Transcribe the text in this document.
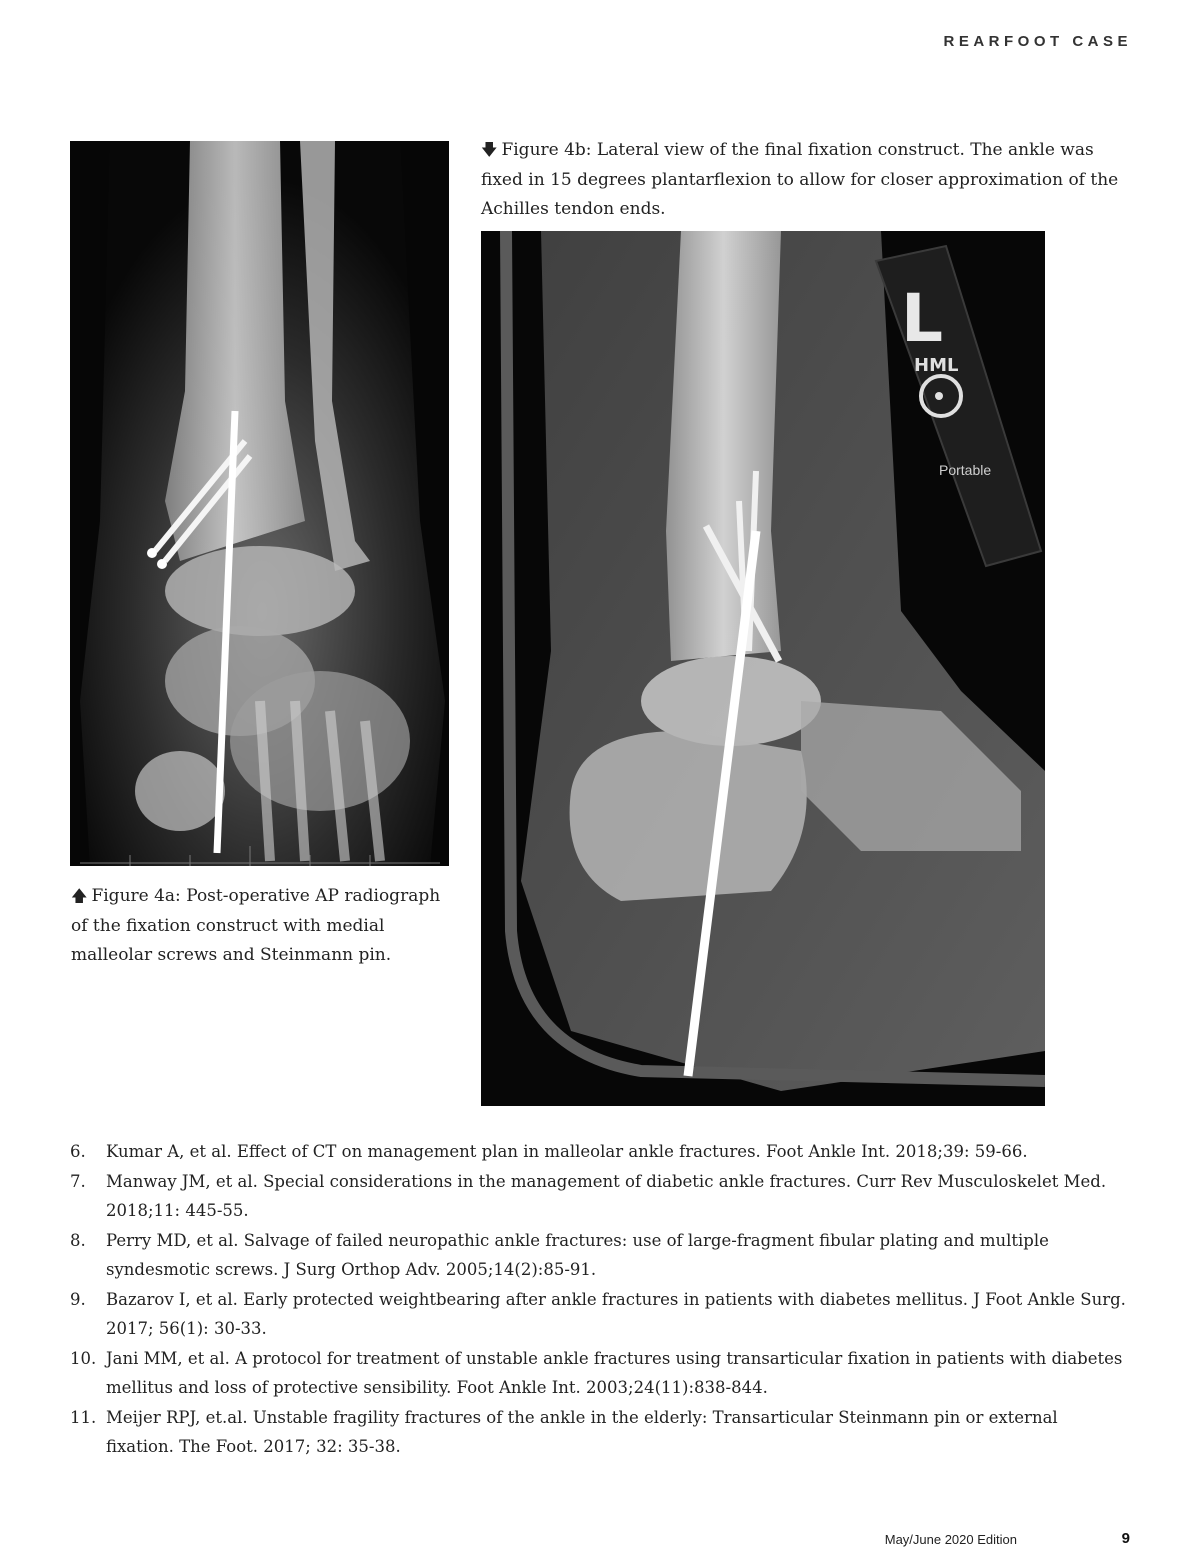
REARFOOT CASE
🡅 Figure 4a: Post-operative AP radiograph of the fixation construct with medial malleolar screws and Steinmann pin.
🡇 Figure 4b: Lateral view of the final fixation construct. The ankle was fixed in 15 degrees plantarflexion to allow for closer approximation of the Achilles tendon ends.
L
HML
Portable
6. Kumar A, et al. Effect of CT on management plan in malleolar ankle fractures. Foot Ankle Int. 2018;39: 59-66.
7. Manway JM, et al. Special considerations in the management of diabetic ankle fractures. Curr Rev Musculoskelet Med. 2018;11: 445-55.
8. Perry MD, et al. Salvage of failed neuropathic ankle fractures: use of large-fragment fibular plating and multiple syndesmotic screws. J Surg Orthop Adv. 2005;14(2):85-91.
9. Bazarov I, et al. Early protected weightbearing after ankle fractures in patients with diabetes mellitus. J Foot Ankle Surg. 2017; 56(1): 30-33.
10. Jani MM, et al. A protocol for treatment of unstable ankle fractures using transarticular fixation in patients with diabetes mellitus and loss of protective sensibility. Foot Ankle Int. 2003;24(11):838-844.
11. Meijer RPJ, et.al. Unstable fragility fractures of the ankle in the elderly: Transarticular Steinmann pin or external fixation. The Foot. 2017; 32: 35-38.
May/June 2020 Edition	9
